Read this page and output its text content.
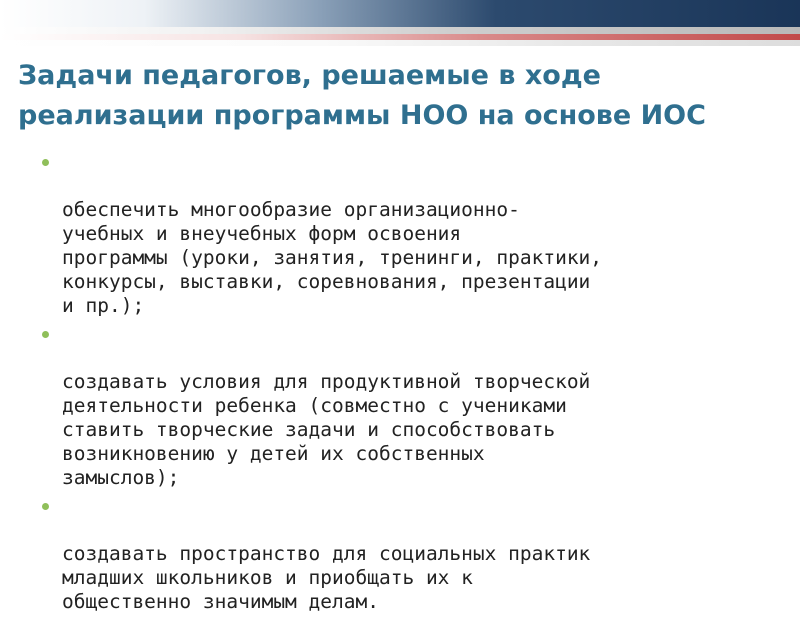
Задачи педагогов, решаемые в ходе
реализации программы НОО на основе ИОС

обеспечить многообразие организационно-
учебных и внеучебных форм освоения
программы (уроки, занятия, тренинги, практики,
конкурсы, выставки, соревнования, презентации
и пр.);

создавать условия для продуктивной творческой
деятельности ребенка (совместно с учениками
ставить творческие задачи и способствовать
возникновению у детей их собственных
замыслов);

создавать пространство для социальных практик
младших школьников и приобщать их к
общественно значимым делам.
